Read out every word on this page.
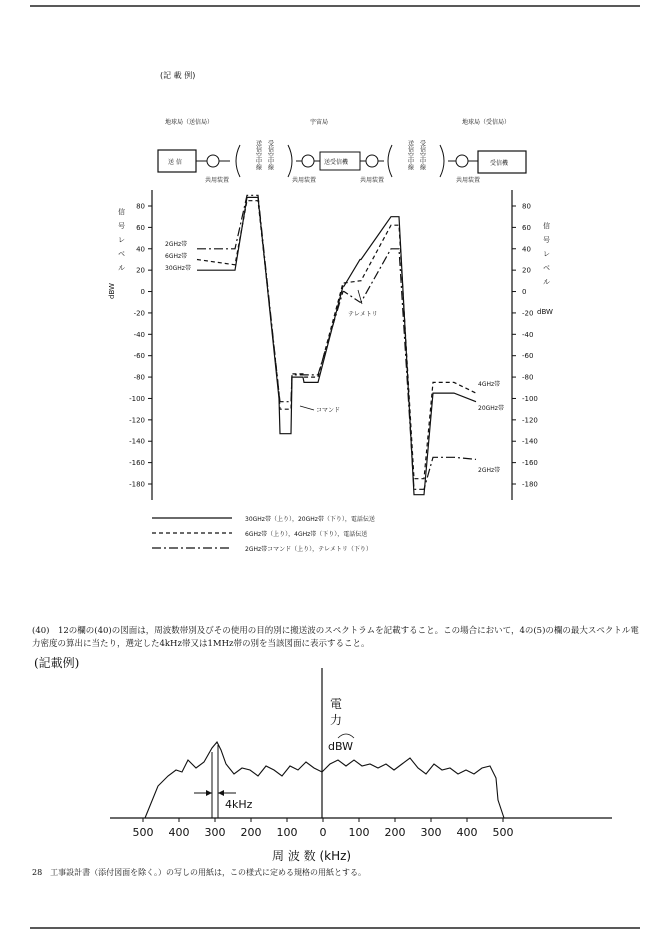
(記 載 例)
地球局（送信局）	宇宙局	地球局（受信局）
送 信
共用装置
送信空中線 受信空中線	送受信機
共用装置	共用装置
送信空中線 受信空中線	受信機
共用装置
80	80
60	60
40	40
20	20
0	0
-20	-20
-40	-40
-60	-60
-80	-80
-100	-100
-120	-120
-140	-140
-160	-160
-180	-180
信
信
号
号
レ
レ
ベ
ベ
ル
ル
dBW
dBW
2GHz帯
6GHz帯
30GHz帯
4GHz帯
20GHz帯
2GHz帯
コマンド
テレメトリ
30GHz帯（上り），20GHz帯（下り），電話伝送
6GHz帯（上り），4GHz帯（下り），電話伝送
2GHz帯コマンド（上り），テレメトリ（下り）
4kHz
電
力
dBW
500 400 300 200 100 0 100 200 300 400 500
周 波 数 (kHz)
(40)　12の欄の(40)の図面は，周波数帯別及びその使用の目的別に搬送波のスペクトラムを記載すること。この場合において，4の(5)の欄の最大スペクトル電力密度の算出に当たり，選定した4kHz帯又は1MHz帯の別を当該図面に表示すること。
(記載例)
28　工事設計書（添付図面を除く。）の写しの用紙は，この様式に定める規格の用紙とする。
